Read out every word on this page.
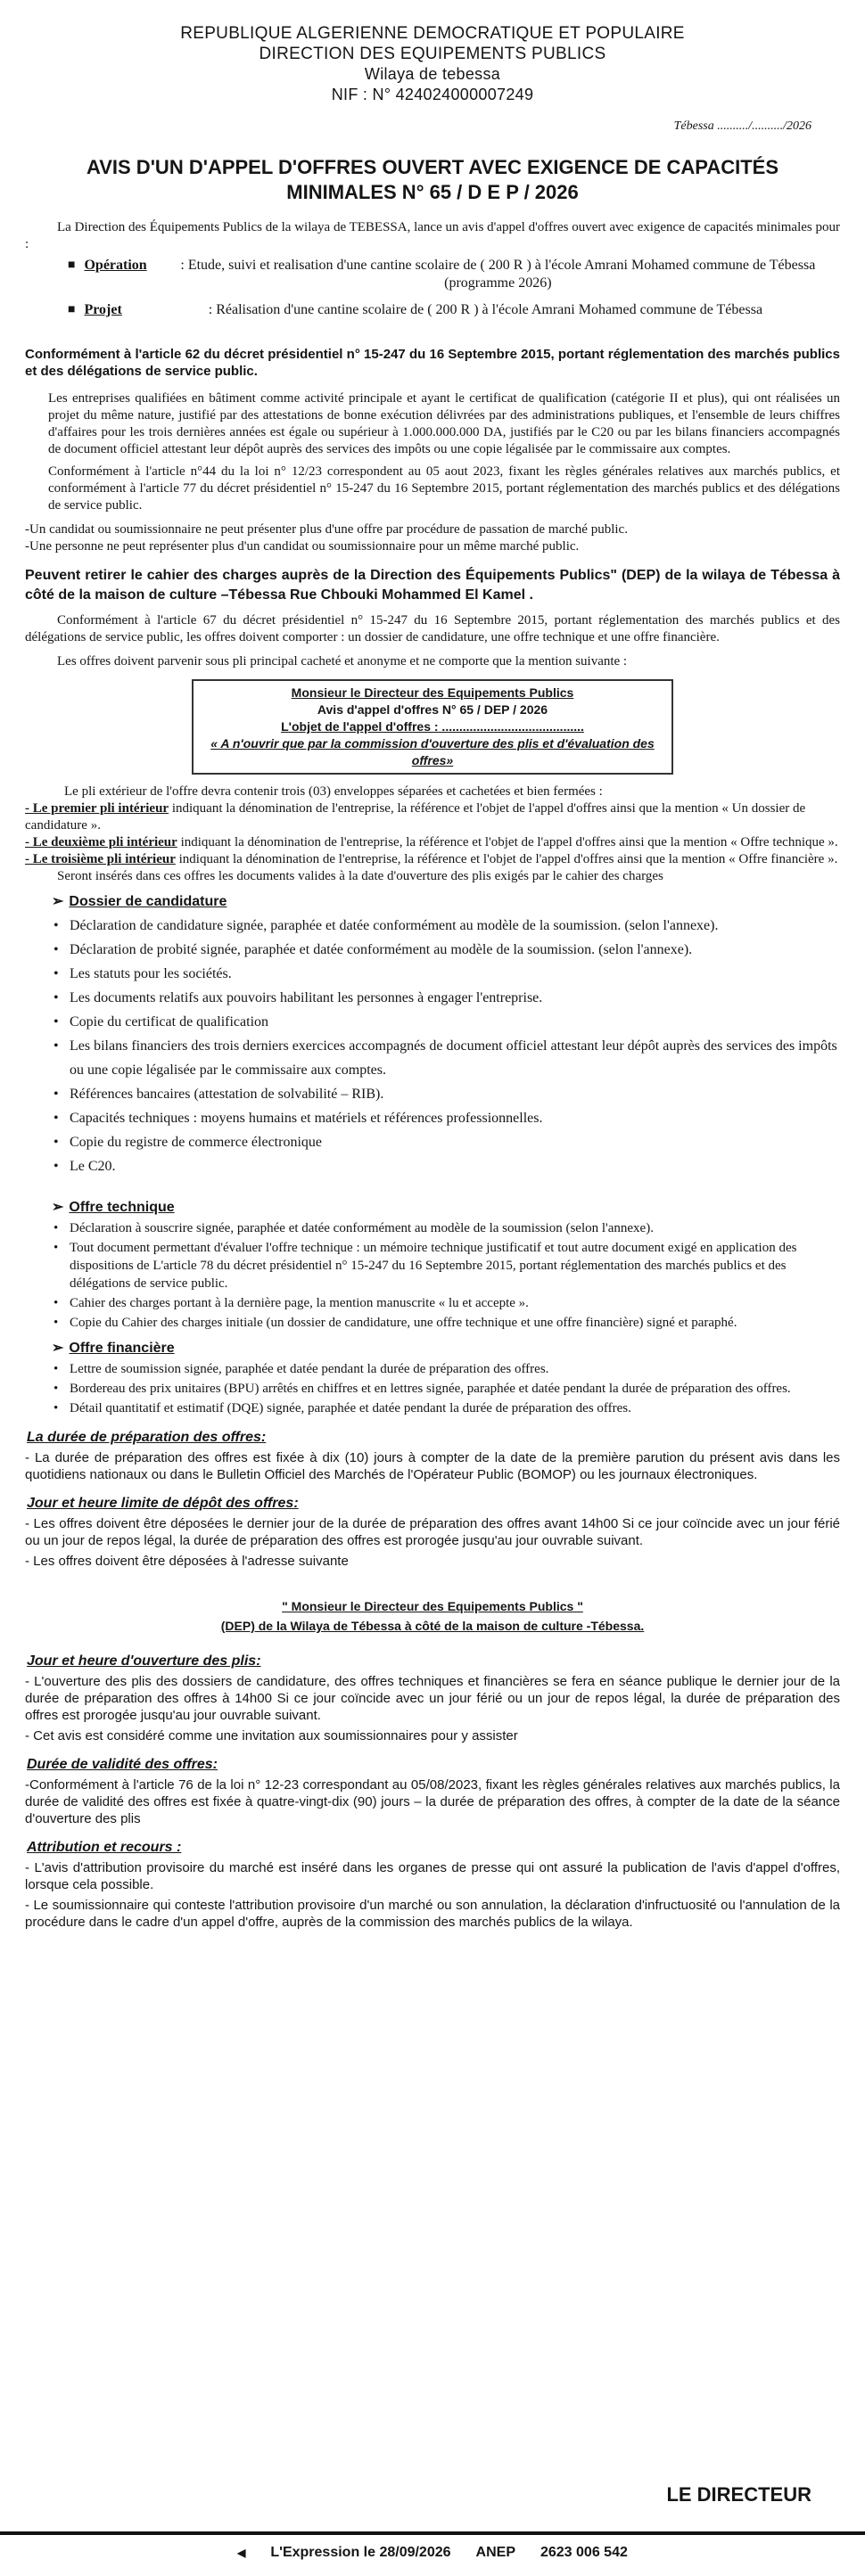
REPUBLIQUE ALGERIENNE DEMOCRATIQUE ET POPULAIRE
DIRECTION DES EQUIPEMENTS PUBLICS
Wilaya de tebessa
NIF : N° 424024000007249
Tébessa ........../........../2026
AVIS D'UN D'APPEL D'OFFRES OUVERT AVEC EXIGENCE DE CAPACITÉS
MINIMALES N° 65 / D E P / 2026

La Direction des Équipements Publics de la wilaya de TEBESSA, lance un avis d'appel d'offres ouvert avec exigence de capacités minimales pour :

■ Opération	: Etude, suivi et realisation d'une cantine scolaire de ( 200 R ) à l'école Amrani Mohamed commune de Tébessa (programme 2026)
■ Projet	: Réalisation d'une cantine scolaire de ( 200 R ) à l'école Amrani Mohamed commune de Tébessa

Conformément à l'article 62 du décret présidentiel n° 15-247 du 16 Septembre 2015, portant réglementation des marchés publics et des délégations de service public.

Les entreprises qualifiées en bâtiment comme activité principale et ayant le certificat de qualification (catégorie II et plus), qui ont réalisées un projet du même nature, justifié par des attestations de bonne exécution délivrées par des administrations publiques, et l'ensemble de leurs chiffres d'affaires pour les trois dernières années est égale ou supérieur à 1.000.000.000 DA, justifiés par le C20 ou par les bilans financiers accompagnés de document officiel attestant leur dépôt auprès des services des impôts ou une copie légalisée par le commissaire aux comptes.

Conformément à l'article n°44 du la loi n° 12/23 correspondent au 05 aout 2023, fixant les règles générales relatives aux marchés publics, et conformément à l'article 77 du décret présidentiel n° 15-247 du 16 Septembre 2015, portant réglementation des marchés publics et des délégations de service public.

-Un candidat ou soumissionnaire ne peut présenter plus d'une offre par procédure de passation de marché public.

-Une personne ne peut représenter plus d'un candidat ou soumissionnaire pour un même marché public.

Peuvent retirer le cahier des charges auprès de la Direction des Équipements Publics" (DEP) de la wilaya de Tébessa à côté de la maison de culture –Tébessa Rue Chbouki Mohammed El Kamel .

Conformément à l'article 67 du décret présidentiel n° 15-247 du 16 Septembre 2015, portant réglementation des marchés publics et des délégations de service public, les offres doivent comporter : un dossier de candidature, une offre technique et une offre financière.

Les offres doivent parvenir sous pli principal cacheté et anonyme et ne comporte que la mention suivante :

Monsieur le Directeur des Equipements Publics
Avis d'appel d'offres N° 65 / DEP / 2026
L'objet de l'appel d'offres : .........................................
« A n'ouvrir que par la commission d'ouverture des plis et d'évaluation des offres»

Le pli extérieur de l'offre devra contenir trois (03) enveloppes séparées et cachetées et bien fermées :

- Le premier pli intérieur indiquant la dénomination de l'entreprise, la référence et l'objet de l'appel d'offres ainsi que la mention « Un dossier de candidature ».

- Le deuxième pli intérieur indiquant la dénomination de l'entreprise, la référence et l'objet de l'appel d'offres ainsi que la mention « Offre technique ».

- Le troisième pli intérieur indiquant la dénomination de l'entreprise, la référence et l'objet de l'appel d'offres ainsi que la mention « Offre financière ».

Seront insérés dans ces offres les documents valides à la date d'ouverture des plis exigés par le cahier des charges

➢ Dossier de candidature
• Déclaration de candidature signée, paraphée et datée conformément au modèle de la soumission. (selon l'annexe).
• Déclaration de probité signée, paraphée et datée conformément au modèle de la soumission. (selon l'annexe).
• Les statuts pour les sociétés.
• Les documents relatifs aux pouvoirs habilitant les personnes à engager l'entreprise.
• Copie du certificat de qualification
• Les bilans financiers des trois derniers exercices accompagnés de document officiel attestant leur dépôt auprès des services des impôts ou une copie légalisée par le commissaire aux comptes.
• Références bancaires (attestation de solvabilité – RIB).
• Capacités techniques : moyens humains et matériels et références professionnelles.
• Copie du registre de commerce électronique
• Le C20.
➢ Offre technique
• Déclaration à souscrire signée, paraphée et datée conformément au modèle de la soumission (selon l'annexe).
• Tout document permettant d'évaluer l'offre technique : un mémoire technique justificatif et tout autre document exigé en application des dispositions de L'article 78 du décret présidentiel n° 15-247 du 16 Septembre 2015, portant réglementation des marchés publics et des délégations de service public.
• Cahier des charges portant à la dernière page, la mention manuscrite « lu et accepte ».
• Copie du Cahier des charges initiale (un dossier de candidature, une offre technique et une offre financière) signé et paraphé.
➢ Offre financière
• Lettre de soumission signée, paraphée et datée pendant la durée de préparation des offres.
• Bordereau des prix unitaires (BPU) arrêtés en chiffres et en lettres signée, paraphée et datée pendant la durée de préparation des offres.
• Détail quantitatif et estimatif (DQE) signée, paraphée et datée pendant la durée de préparation des offres.
La durée de préparation des offres:

- La durée de préparation des offres est fixée à dix (10) jours à compter de la date de la première parution du présent avis dans les quotidiens nationaux ou dans le Bulletin Officiel des Marchés de l'Opérateur Public (BOMOP) ou les journaux électroniques.

Jour et heure limite de dépôt des offres:

- Les offres doivent être déposées le dernier jour de la durée de préparation des offres avant 14h00 Si ce jour coïncide avec un jour férié ou un jour de repos légal, la durée de préparation des offres est prorogée jusqu'au jour ouvrable suivant.

- Les offres doivent être déposées à l'adresse suivante

" Monsieur le Directeur des Equipements Publics "
(DEP) de la Wilaya de Tébessa à côté de la maison de culture -Tébessa.
Jour et heure d'ouverture des plis:

- L'ouverture des plis des dossiers de candidature, des offres techniques et financières se fera en séance publique le dernier jour de la durée de préparation des offres à 14h00 Si ce jour coïncide avec un jour férié ou un jour de repos légal, la durée de préparation des offres est prorogée jusqu'au jour ouvrable suivant.

- Cet avis est considéré comme une invitation aux soumissionnaires pour y assister

Durée de validité des offres:

-Conformément à l'article 76 de la loi n° 12-23 correspondant au 05/08/2023, fixant les règles générales relatives aux marchés publics, la durée de validité des offres est fixée à quatre-vingt-dix (90) jours – la durée de préparation des offres, à compter de la date de la séance d'ouverture des plis

Attribution et recours :

- L'avis d'attribution provisoire du marché est inséré dans les organes de presse qui ont assuré la publication de l'avis d'appel d'offres, lorsque cela possible.

- Le soumissionnaire qui conteste l'attribution provisoire d'un marché ou son annulation, la déclaration d'infructuosité ou l'annulation de la procédure dans le cadre d'un appel d'offre, auprès de la commission des marchés publics de la wilaya.

LE DIRECTEUR
◀ L'Expression le 28/09/2026 ANEP 2623 006 542
